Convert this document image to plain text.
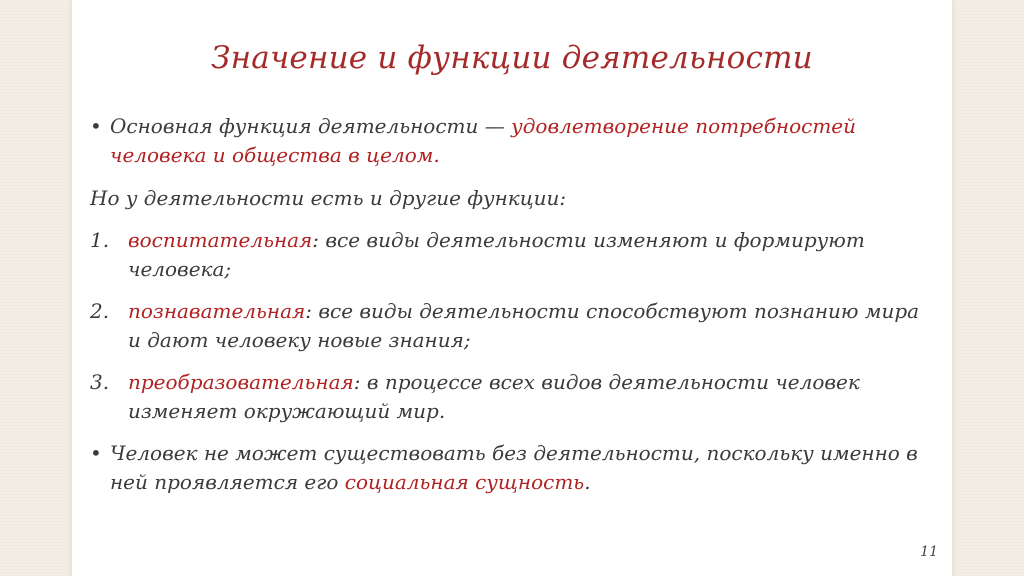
Значение и функции деятельности
• Основная функция деятельности — удовлетворение потребностей человека и общества в целом.
Но у деятельности есть и другие функции:
1. воспитательная: все виды деятельности изменяют и формируют человека;
2. познавательная: все виды деятельности способствуют познанию мира и дают человеку новые знания;
3. преобразовательная: в процессе всех видов деятельности человек изменяет окружающий мир.
• Человек не может существовать без деятельности, поскольку именно в ней проявляется его социальная сущность.
11
